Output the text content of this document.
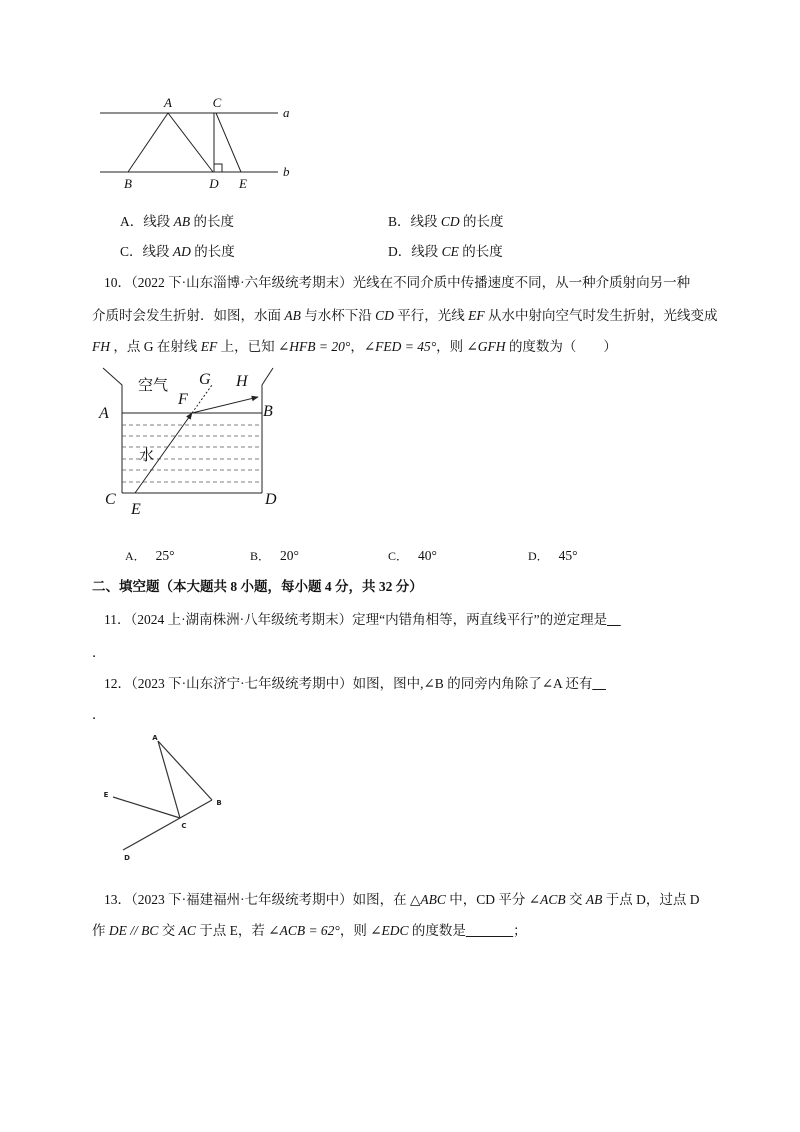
A	C
a
B	D E
b
A．线段 AB 的长度	B．线段 CD 的长度
C．线段 AD 的长度	D．线段 CE 的长度
10．（2022 下·山东淄博·六年级统考期末）光线在不同介质中传播速度不同，从一种介质射向另一种
介质时会发生折射．如图，水面 AB 与水杯下沿 CD 平行，光线 EF 从水中射向空气时发生折射，光线变成
FH ，点 G 在射线 EF 上，已知 ∠HFB = 20°，∠FED = 45°，则 ∠GFH 的度数为（　　）
空气
水
G H
F
B
A
C	D
E
A． 25°	B． 20°	C． 40°	D． 45°
二、填空题（本大题共 8 小题，每小题 4 分，共 32 分）
11．（2024 上·湖南株洲·八年级统考期末）定理“内错角相等，两直线平行”的逆定理是__
．
12．（2023 下·山东济宁·七年级统考期中）如图，图中,∠B 的同旁内角除了∠A 还有__
．
A
E
B
C
D
13．（2023 下·福建福州·七年级统考期中）如图，在 △ABC 中，CD 平分 ∠ACB 交 AB 于点 D，过点 D
作 DE // BC 交 AC 于点 E，若 ∠ACB = 62°，则 ∠EDC 的度数是_______；
